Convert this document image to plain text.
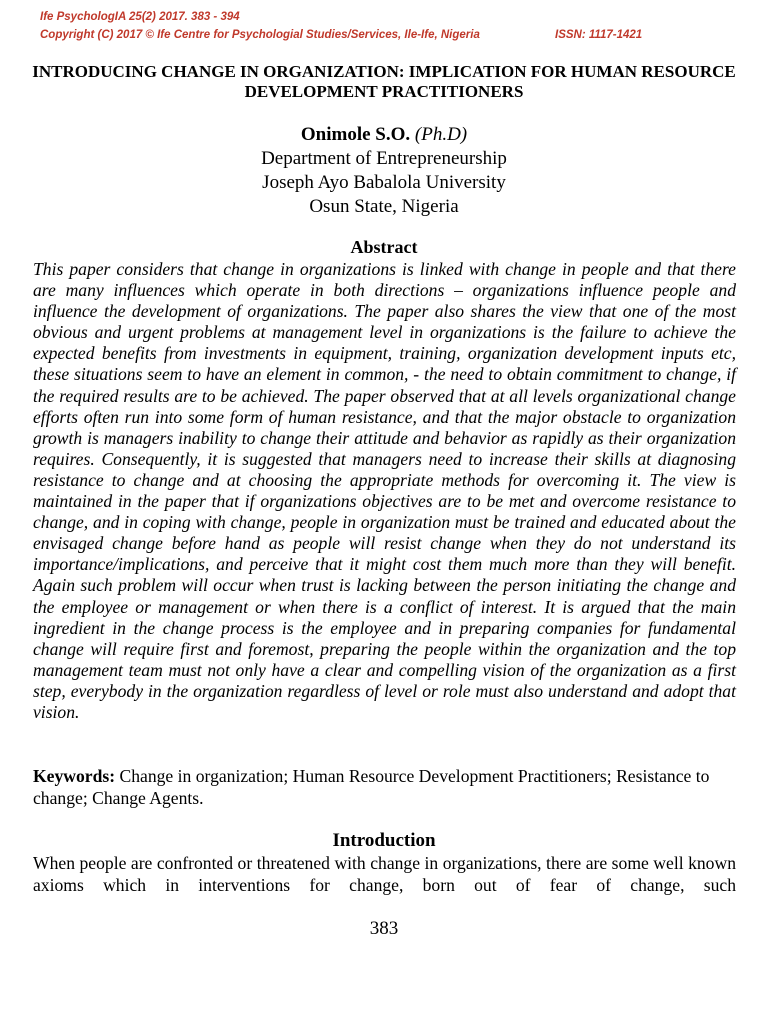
Ife PsychologIA 25(2) 2017. 383 - 394
Copyright (C) 2017 © Ife Centre for Psychologial Studies/Services, Ile-Ife, Nigeria	ISSN: 1117-1421
INTRODUCING CHANGE IN ORGANIZATION: IMPLICATION FOR HUMAN RESOURCE DEVELOPMENT PRACTITIONERS
Onimole S.O. (Ph.D)
Department of Entrepreneurship
Joseph Ayo Babalola University
Osun State, Nigeria
Abstract

This paper considers that change in organizations is linked with change in people and that there are many influences which operate in both directions – organizations influence people and influence the development of organizations. The paper also shares the view that one of the most obvious and urgent problems at management level in organizations is the failure to achieve the expected benefits from investments in equipment, training, organization development inputs etc, these situations seem to have an element in common, - the need to obtain commitment to change, if the required results are to be achieved. The paper observed that at all levels organizational change efforts often run into some form of human resistance, and that the major obstacle to organization growth is managers inability to change their attitude and behavior as rapidly as their organization requires. Consequently, it is suggested that managers need to increase their skills at diagnosing resistance to change and at choosing the appropriate methods for overcoming it. The view is maintained in the paper that if organizations objectives are to be met and overcome resistance to change, and in coping with change, people in organization must be trained and educated about the envisaged change before hand as people will resist change when they do not understand its importance/implications, and perceive that it might cost them much more than they will benefit. Again such problem will occur when trust is lacking between the person initiating the change and the employee or management or when there is a conflict of interest. It is argued that the main ingredient in the change process is the employee and in preparing companies for fundamental change will require first and foremost, preparing the people within the organization and the top management team must not only have a clear and compelling vision of the organization as a first step, everybody in the organization regardless of level or role must also understand and adopt that vision.

Keywords: Change in organization; Human Resource Development Practitioners; Resistance to change; Change Agents.

Introduction

When people are confronted or threatened with change in organizations, there are some well known axioms which in interventions for change, born out of fear of change, such

383
